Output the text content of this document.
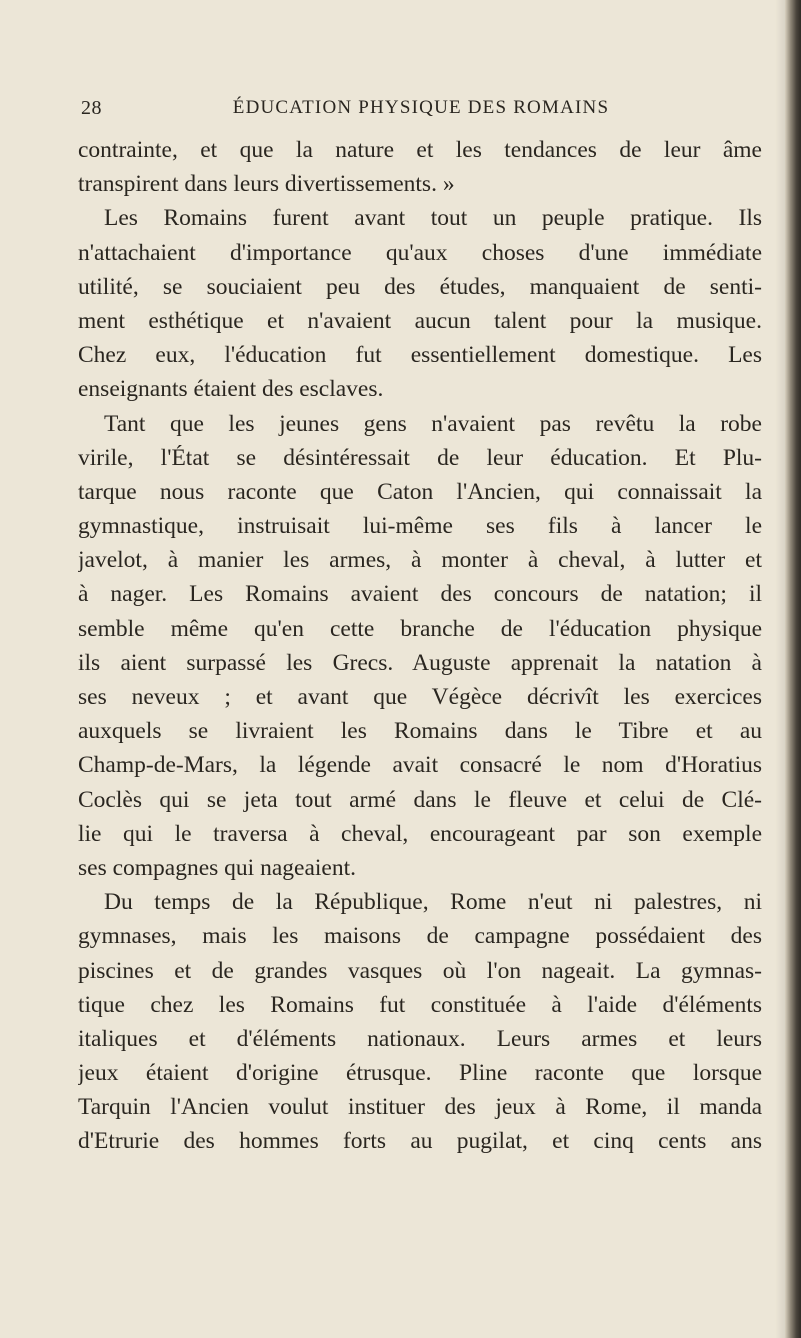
28	ÉDUCATION PHYSIQUE DES ROMAINS
contrainte, et que la nature et les tendances de leur âme
transpirent dans leurs divertissements. »
Les Romains furent avant tout un peuple pratique. Ils
n'attachaient d'importance qu'aux choses d'une immédiate
utilité, se souciaient peu des études, manquaient de senti-
ment esthétique et n'avaient aucun talent pour la musique.
Chez eux, l'éducation fut essentiellement domestique. Les
enseignants étaient des esclaves.
Tant que les jeunes gens n'avaient pas revêtu la robe
virile, l'État se désintéressait de leur éducation. Et Plu-
tarque nous raconte que Caton l'Ancien, qui connaissait la
gymnastique, instruisait lui-même ses fils à lancer le
javelot, à manier les armes, à monter à cheval, à lutter et
à nager. Les Romains avaient des concours de natation; il
semble même qu'en cette branche de l'éducation physique
ils aient surpassé les Grecs. Auguste apprenait la natation à
ses neveux ; et avant que Végèce décrivît les exercices
auxquels se livraient les Romains dans le Tibre et au
Champ-de-Mars, la légende avait consacré le nom d'Horatius
Coclès qui se jeta tout armé dans le fleuve et celui de Clé-
lie qui le traversa à cheval, encourageant par son exemple
ses compagnes qui nageaient.
Du temps de la République, Rome n'eut ni palestres, ni
gymnases, mais les maisons de campagne possédaient des
piscines et de grandes vasques où l'on nageait. La gymnas-
tique chez les Romains fut constituée à l'aide d'éléments
italiques et d'éléments nationaux. Leurs armes et leurs
jeux étaient d'origine étrusque. Pline raconte que lorsque
Tarquin l'Ancien voulut instituer des jeux à Rome, il manda
d'Etrurie des hommes forts au pugilat, et cinq cents ans
